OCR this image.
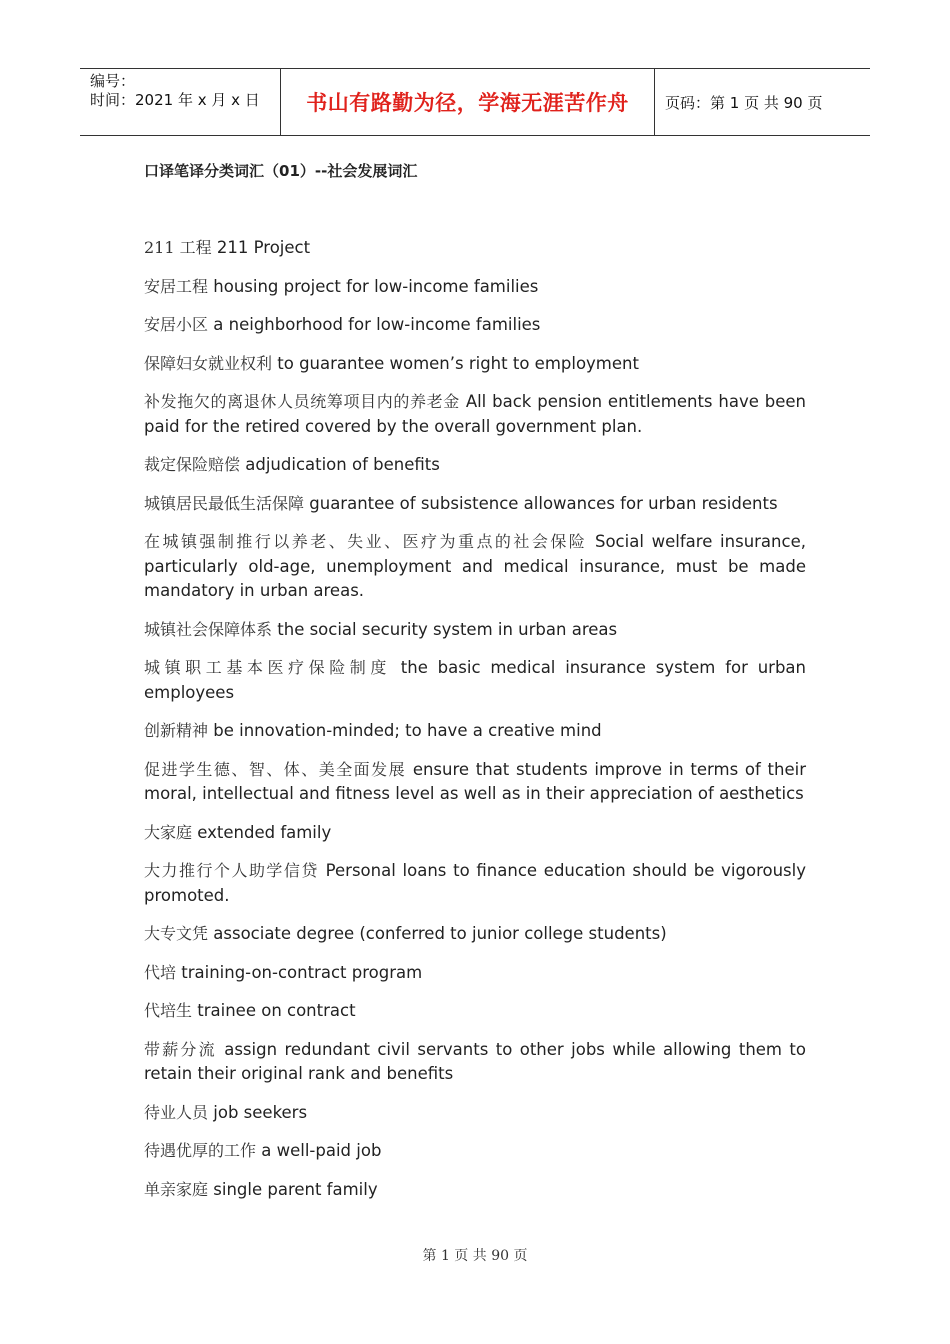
编号：
时间：2021 年 x 月 x 日	书山有路勤为径，学海无涯苦作舟 页码：第 1 页 共 90 页
口译笔译分类词汇（01）--社会发展词汇
211 工程 211 Project
安居工程 housing project for low-income families
安居小区 a neighborhood for low-income families
保障妇女就业权利 to guarantee women’s right to employment
补发拖欠的离退休人员统筹项目内的养老金 All back pension entitlements have been paid for the retired covered by the overall government plan.
裁定保险赔偿 adjudication of benefits
城镇居民最低生活保障 guarantee of subsistence allowances for urban residents
在城镇强制推行以养老、失业、医疗为重点的社会保险 Social welfare insurance, particularly old-age, unemployment and medical insurance, must be made mandatory in urban areas.
城镇社会保障体系 the social security system in urban areas
城镇职工基本医疗保险制度 the basic medical insurance system for urban employees
创新精神 be innovation-minded; to have a creative mind
促进学生德、智、体、美全面发展 ensure that students improve in terms of their moral, intellectual and fitness level as well as in their appreciation of aesthetics
大家庭 extended family
大力推行个人助学信贷 Personal loans to finance education should be vigorously promoted.
大专文凭 associate degree (conferred to junior college students)
代培 training-on-contract program
代培生 trainee on contract
带薪分流 assign redundant civil servants to other jobs while allowing them to retain their original rank and benefits
待业人员 job seekers
待遇优厚的工作 a well-paid job
单亲家庭 single parent family
第 1 页 共 90 页
